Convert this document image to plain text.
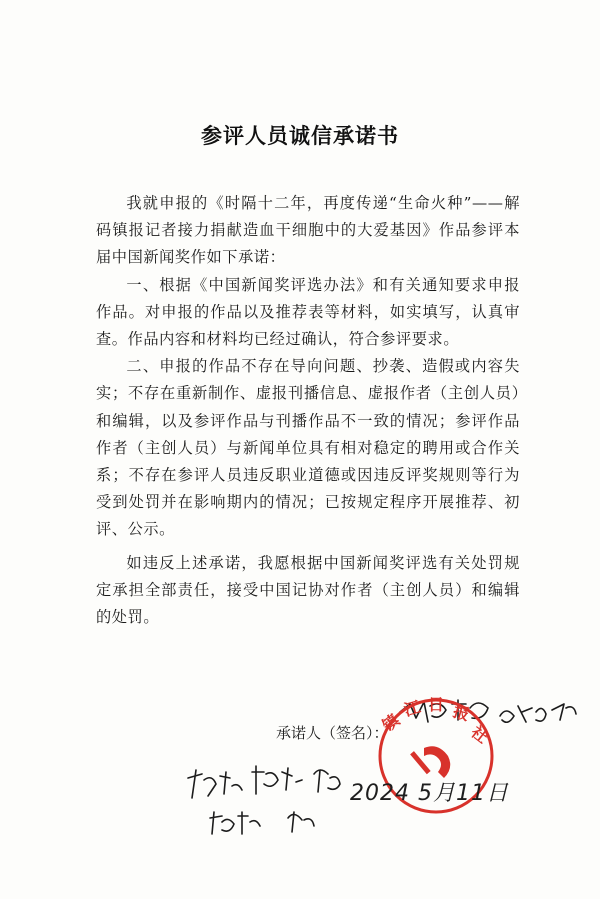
参评人员诚信承诺书

我就申报的《时隔十二年，再度传递“生命火种”——解码镇报记者接力捐献造血干细胞中的大爱基因》作品参评本届中国新闻奖作如下承诺：

一、根据《中国新闻奖评选办法》和有关通知要求申报作品。对申报的作品以及推荐表等材料，如实填写，认真审查。作品内容和材料均已经过确认，符合参评要求。

二、申报的作品不存在导向问题、抄袭、造假或内容失实；不存在重新制作、虚报刊播信息、虚报作者（主创人员）和编辑，以及参评作品与刊播作品不一致的情况；参评作品作者（主创人员）与新闻单位具有相对稳定的聘用或合作关系；不存在参评人员违反职业道德或因违反评奖规则等行为受到处罚并在影响期内的情况；已按规定程序开展推荐、初评、公示。

如违反上述承诺，我愿根据中国新闻奖评选有关处罚规定承担全部责任，接受中国记协对作者（主创人员）和编辑的处罚。

承诺人（签名）：
镇
江 日 报
社
2024 5月11日
